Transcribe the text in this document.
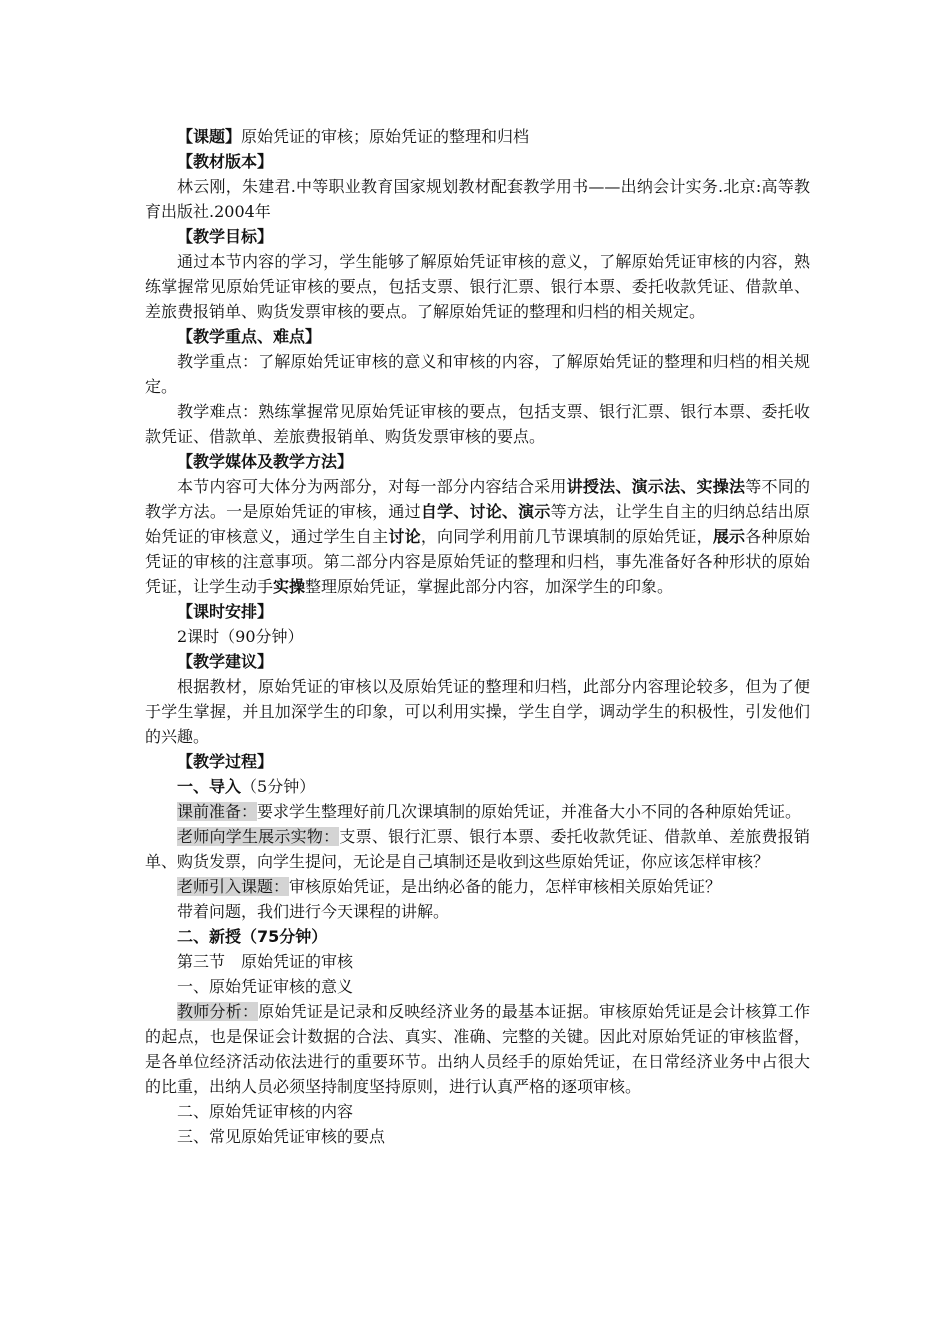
【课题】原始凭证的审核；原始凭证的整理和归档

【教材版本】

林云刚，朱建君.中等职业教育国家规划教材配套教学用书——出纳会计实务.北京:高等教育出版社.2004年

【教学目标】

通过本节内容的学习，学生能够了解原始凭证审核的意义，了解原始凭证审核的内容，熟练掌握常见原始凭证审核的要点，包括支票、银行汇票、银行本票、委托收款凭证、借款单、差旅费报销单、购货发票审核的要点。了解原始凭证的整理和归档的相关规定。

【教学重点、难点】

教学重点：了解原始凭证审核的意义和审核的内容，了解原始凭证的整理和归档的相关规定。

教学难点：熟练掌握常见原始凭证审核的要点，包括支票、银行汇票、银行本票、委托收款凭证、借款单、差旅费报销单、购货发票审核的要点。

【教学媒体及教学方法】

本节内容可大体分为两部分，对每一部分内容结合采用讲授法、演示法、实操法等不同的教学方法。一是原始凭证的审核，通过自学、讨论、演示等方法，让学生自主的归纳总结出原始凭证的审核意义，通过学生自主讨论，向同学利用前几节课填制的原始凭证，展示各种原始凭证的审核的注意事项。第二部分内容是原始凭证的整理和归档，事先准备好各种形状的原始凭证，让学生动手实操整理原始凭证，掌握此部分内容，加深学生的印象。

【课时安排】

2课时（90分钟）

【教学建议】

根据教材，原始凭证的审核以及原始凭证的整理和归档，此部分内容理论较多，但为了便于学生掌握，并且加深学生的印象，可以利用实操，学生自学，调动学生的积极性，引发他们的兴趣。

【教学过程】

一、导入（5分钟）

课前准备：要求学生整理好前几次课填制的原始凭证，并准备大小不同的各种原始凭证。

老师向学生展示实物：支票、银行汇票、银行本票、委托收款凭证、借款单、差旅费报销单、购货发票，向学生提问，无论是自己填制还是收到这些原始凭证，你应该怎样审核？

老师引入课题：审核原始凭证，是出纳必备的能力，怎样审核相关原始凭证？

带着问题，我们进行今天课程的讲解。

二、新授（75分钟）

第三节　原始凭证的审核

一、原始凭证审核的意义

教师分析：原始凭证是记录和反映经济业务的最基本证据。审核原始凭证是会计核算工作的起点，也是保证会计数据的合法、真实、准确、完整的关键。因此对原始凭证的审核监督，是各单位经济活动依法进行的重要环节。出纳人员经手的原始凭证，在日常经济业务中占很大的比重，出纳人员必须坚持制度坚持原则，进行认真严格的逐项审核。

二、原始凭证审核的内容

三、常见原始凭证审核的要点
